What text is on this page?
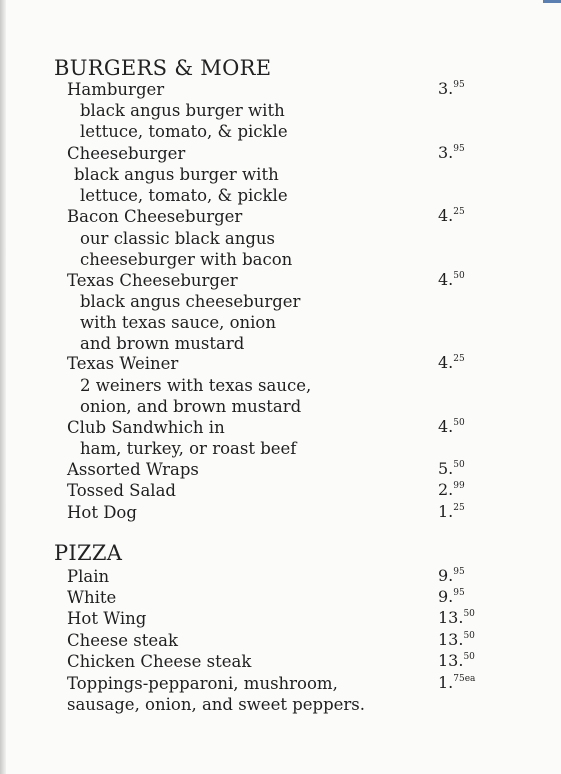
BURGERS & MORE
Hamburger	3.95
black angus burger with
lettuce, tomato, & pickle
Cheeseburger	3.95
black angus burger with
lettuce, tomato, & pickle
Bacon Cheeseburger	4.25
our classic black angus
cheeseburger with bacon
Texas Cheeseburger	4.50
black angus cheeseburger
with texas sauce, onion
and brown mustard
Texas Weiner	4.25
2 weiners with texas sauce,
onion, and brown mustard
Club Sandwhich in	4.50
ham, turkey, or roast beef
Assorted Wraps	5.50
Tossed Salad	2.99
Hot Dog	1.25
PIZZA
Plain	9.95
White	9.95
Hot Wing	13.50
Cheese steak	13.50
Chicken Cheese steak	13.50
Toppings-pepparoni, mushroom,	1.$^{75ea}$
sausage, onion, and sweet peppers.
